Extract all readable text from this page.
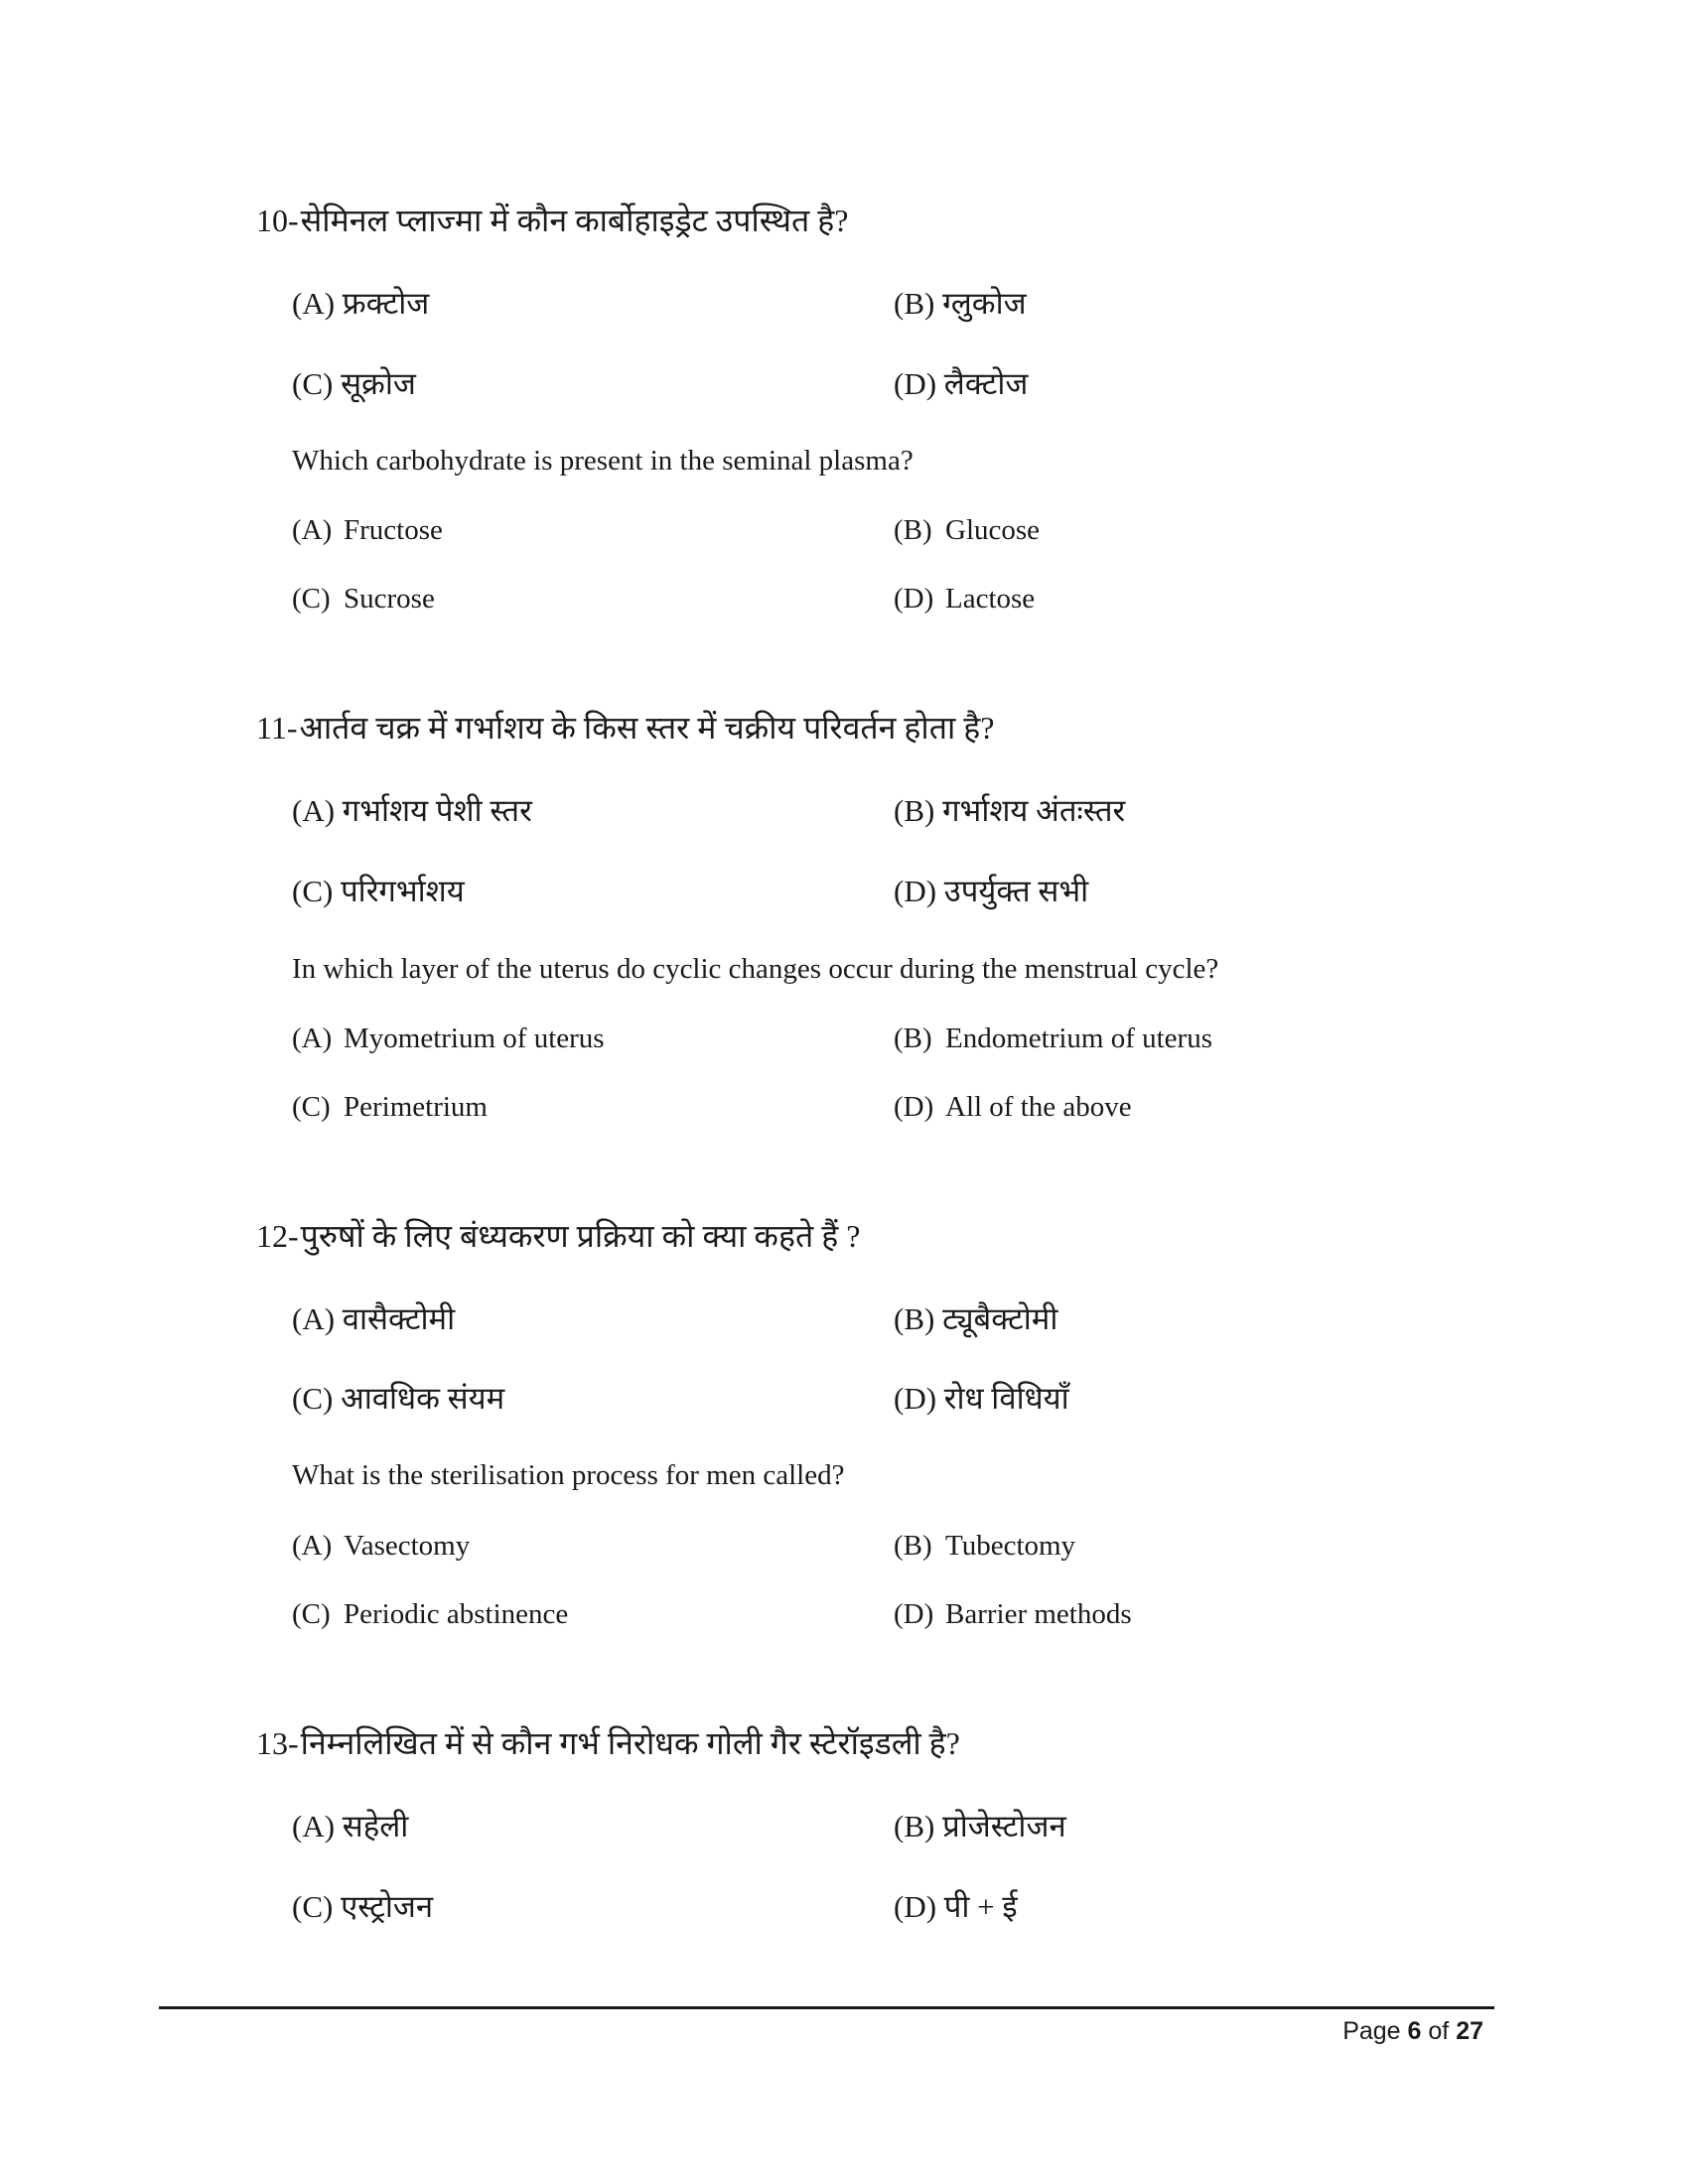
10-सेमिनल प्लाज्मा में कौन कार्बोहाइड्रेट उपस्थित है?
(A) फ्रक्टोज	(B) ग्लुकोज
(C) सूक्रोज	(D) लैक्टोज
Which carbohydrate is present in the seminal plasma?
(A) Fructose	(B) Glucose
(C) Sucrose	(D) Lactose
11-आर्तव चक्र में गर्भाशय के किस स्तर में चक्रीय परिवर्तन होता है?
(A) गर्भाशय पेशी स्तर	(B) गर्भाशय अंतःस्तर
(C) परिगर्भाशय	(D) उपर्युक्त सभी
In which layer of the uterus do cyclic changes occur during the menstrual cycle?
(A) Myometrium of uterus	(B) Endometrium of uterus
(C) Perimetrium	(D) All of the above
12-पुरुषों के लिए बंध्यकरण प्रक्रिया को क्या कहते हैं ?
(A) वासैक्टोमी	(B) ट्यूबैक्टोमी
(C) आवधिक संयम	(D) रोध विधियाँ
What is the sterilisation process for men called?
(A) Vasectomy	(B) Tubectomy
(C) Periodic abstinence	(D) Barrier methods
13-निम्नलिखित में से कौन गर्भ निरोधक गोली गैर स्टेरॉइडली है?
(A) सहेली	(B) प्रोजेस्टोजन
(C) एस्ट्रोजन	(D) पी + ई
Page 6 of 27
